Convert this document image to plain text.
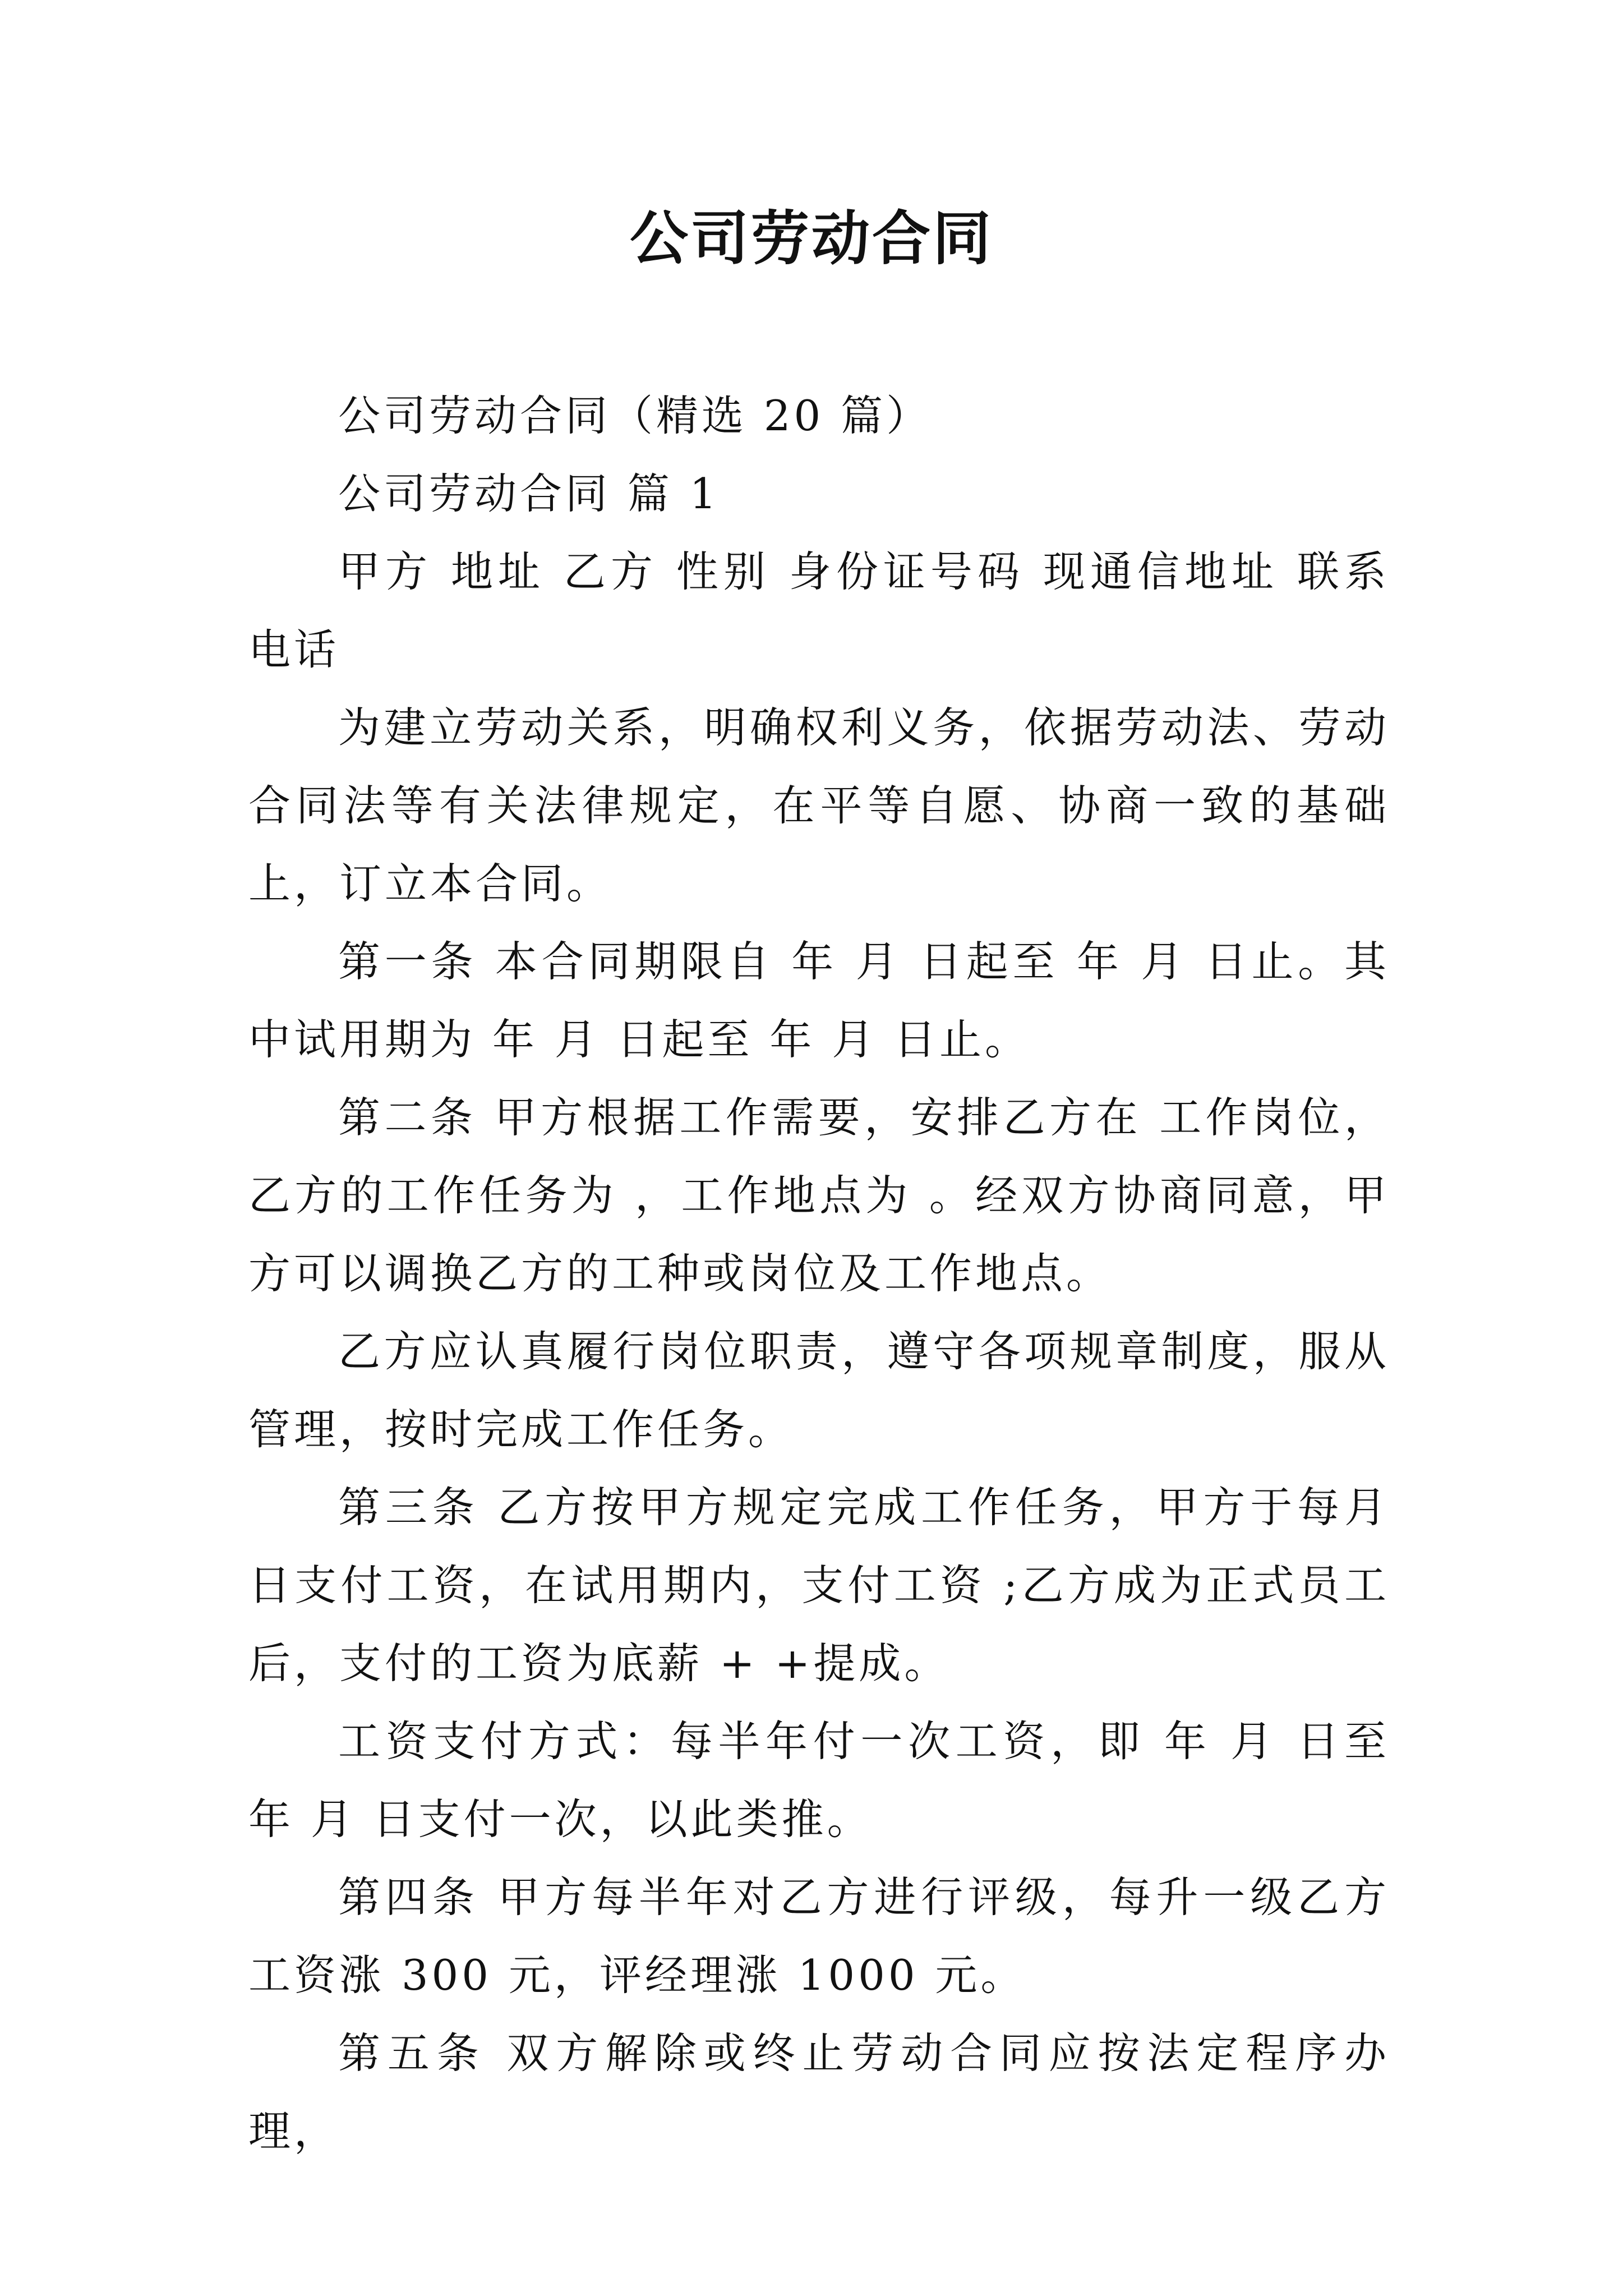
公司劳动合同

公司劳动合同（精选 20 篇）

公司劳动合同 篇 1

甲方 地址 乙方 性别 身份证号码 现通信地址 联系电话

为建立劳动关系，明确权利义务，依据劳动法、劳动合同法等有关法律规定，在平等自愿、协商一致的基础上，订立本合同。

第一条 本合同期限自 年 月 日起至 年 月 日止。其中试用期为 年 月 日起至 年 月 日止。

第二条 甲方根据工作需要，安排乙方在 工作岗位，乙方的工作任务为 ，工作地点为 。经双方协商同意，甲方可以调换乙方的工种或岗位及工作地点。

乙方应认真履行岗位职责，遵守各项规章制度，服从管理，按时完成工作任务。

第三条 乙方按甲方规定完成工作任务，甲方于每月 日支付工资，在试用期内，支付工资 ;乙方成为正式员工后，支付的工资为底薪 + +提成。

工资支付方式：每半年付一次工资，即 年 月 日至 年 月 日支付一次，以此类推。

第四条 甲方每半年对乙方进行评级，每升一级乙方工资涨 300 元，评经理涨 1000 元。

第五条 双方解除或终止劳动合同应按法定程序办理，
